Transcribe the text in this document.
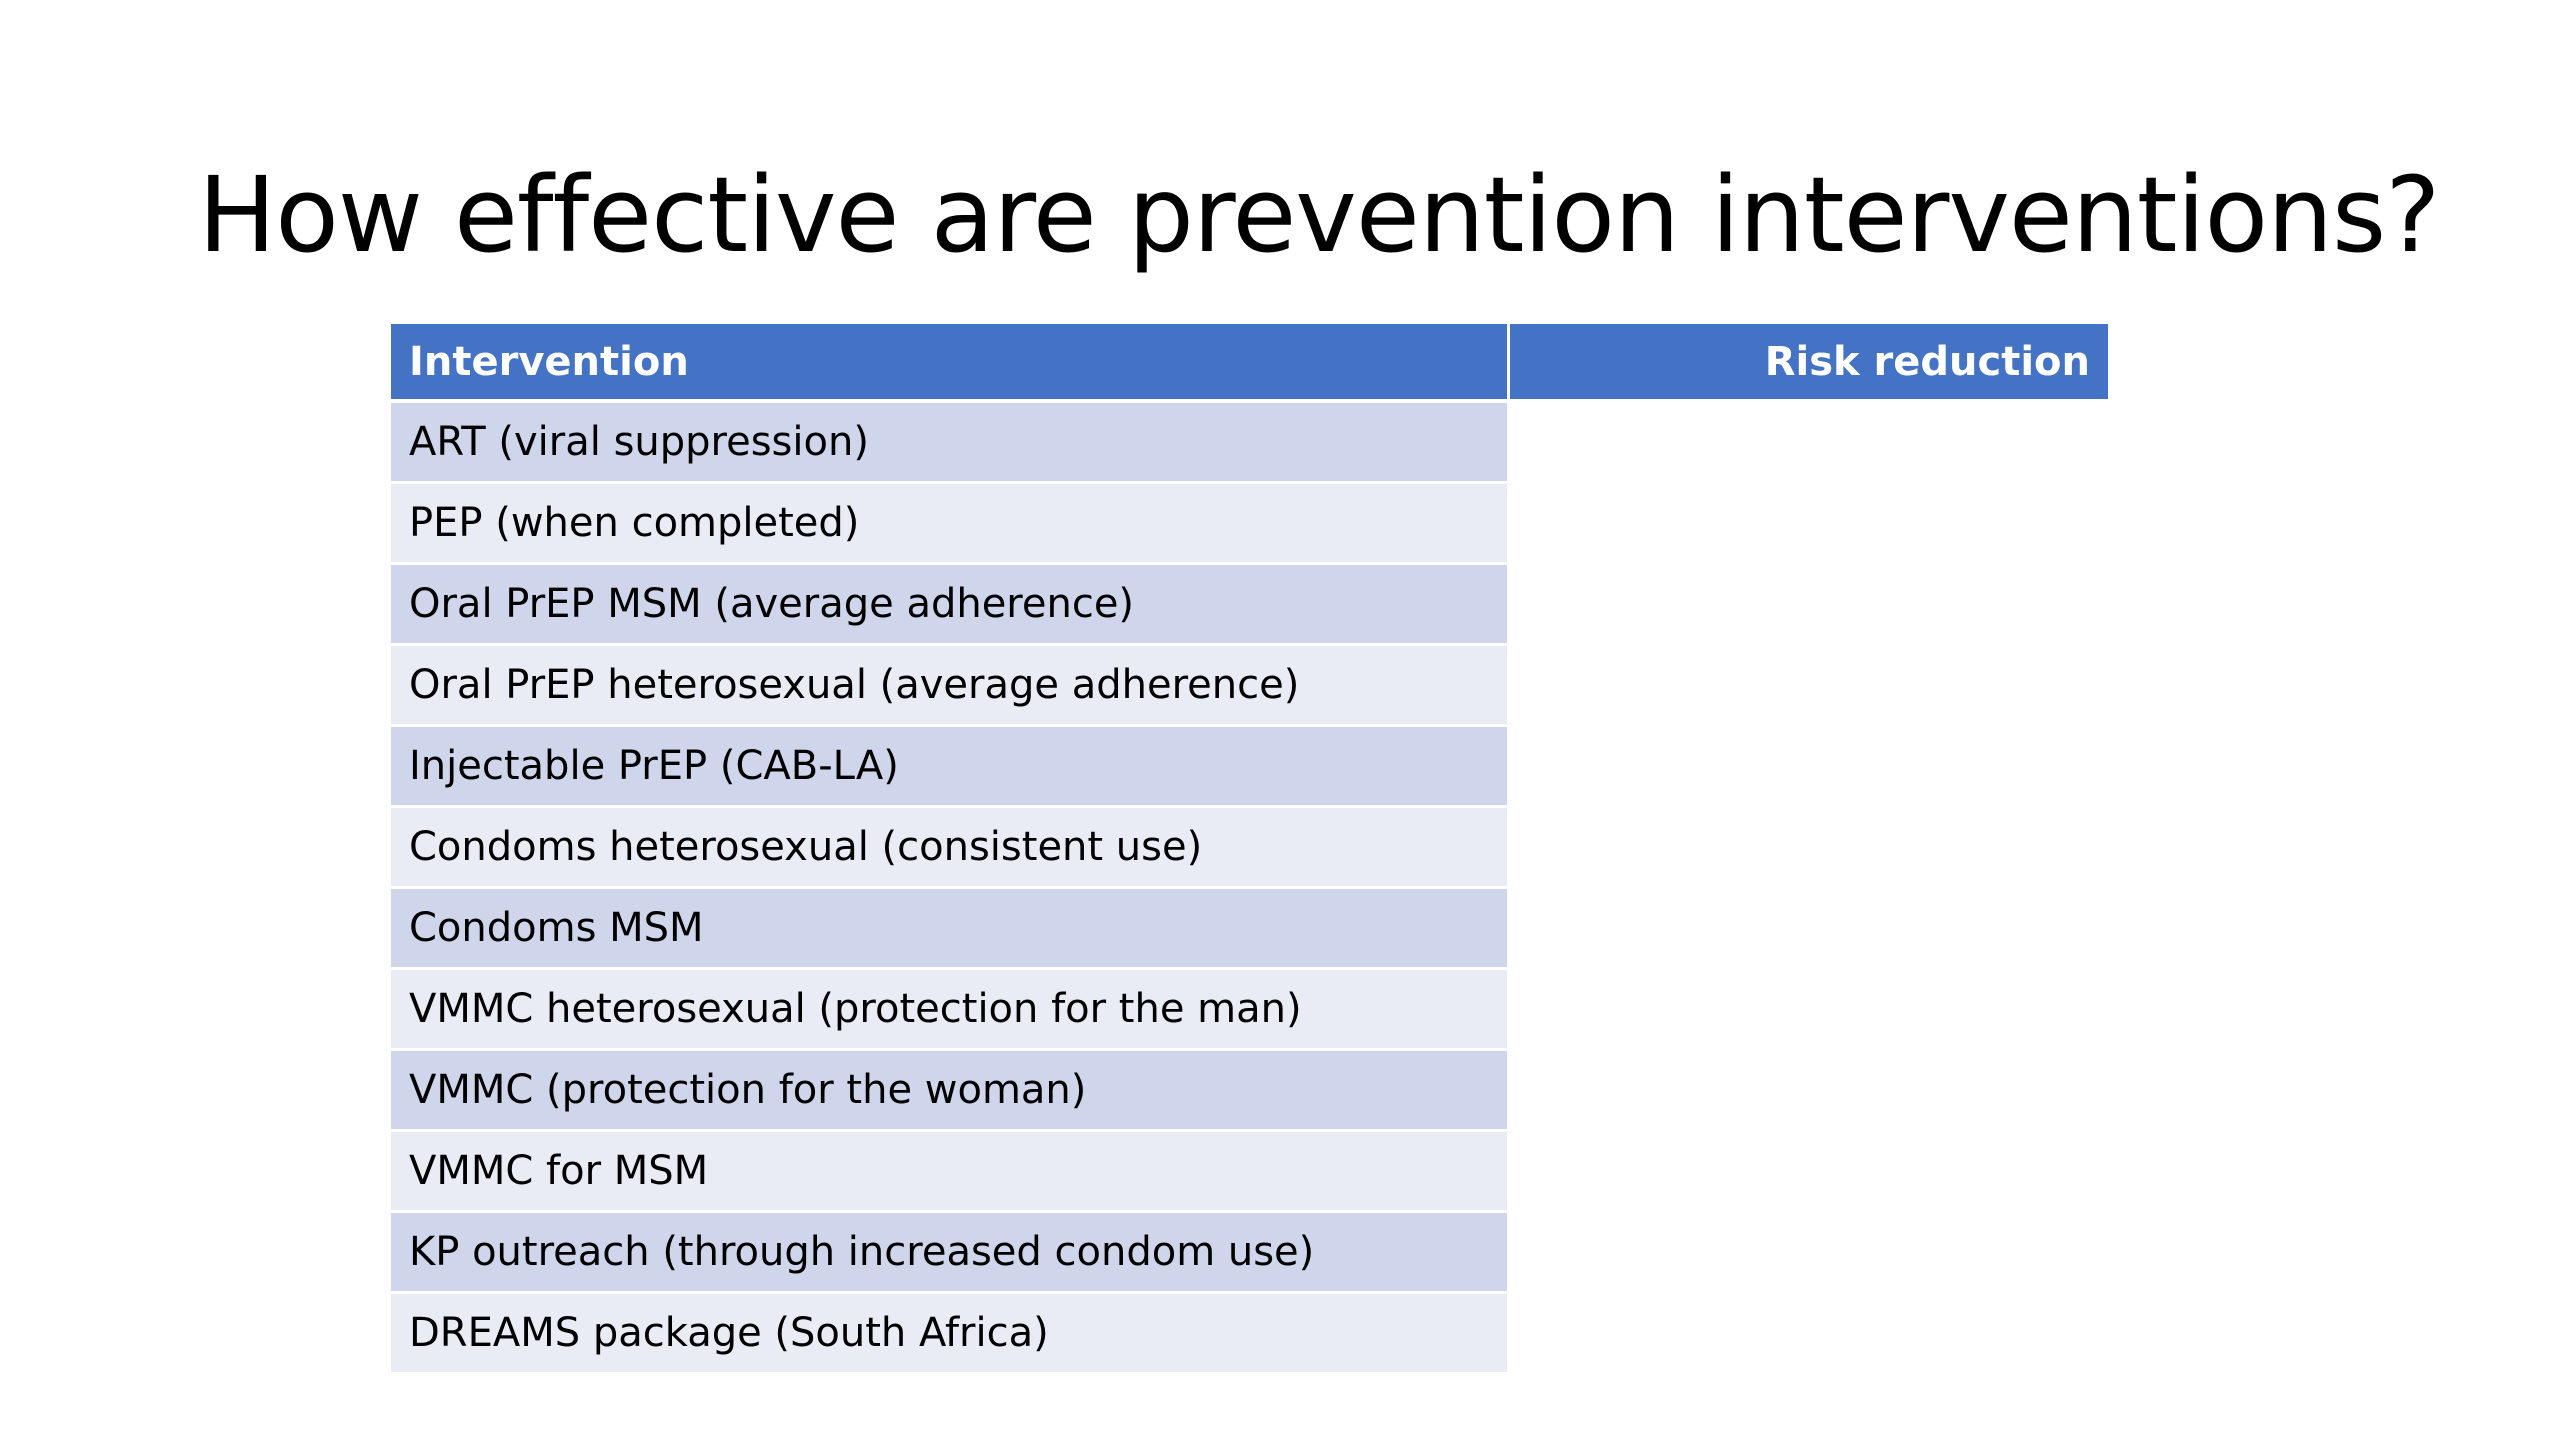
How effective are prevention interventions?
Intervention	Risk reduction
ART (viral suppression)	
PEP (when completed)	
Oral PrEP MSM (average adherence)	
Oral PrEP heterosexual (average adherence)	
Injectable PrEP (CAB-LA)	
Condoms heterosexual (consistent use)	
Condoms MSM	
VMMC heterosexual (protection for the man)	
VMMC (protection for the woman)	
VMMC for MSM	
KP outreach (through increased condom use)	
DREAMS package (South Africa)	
